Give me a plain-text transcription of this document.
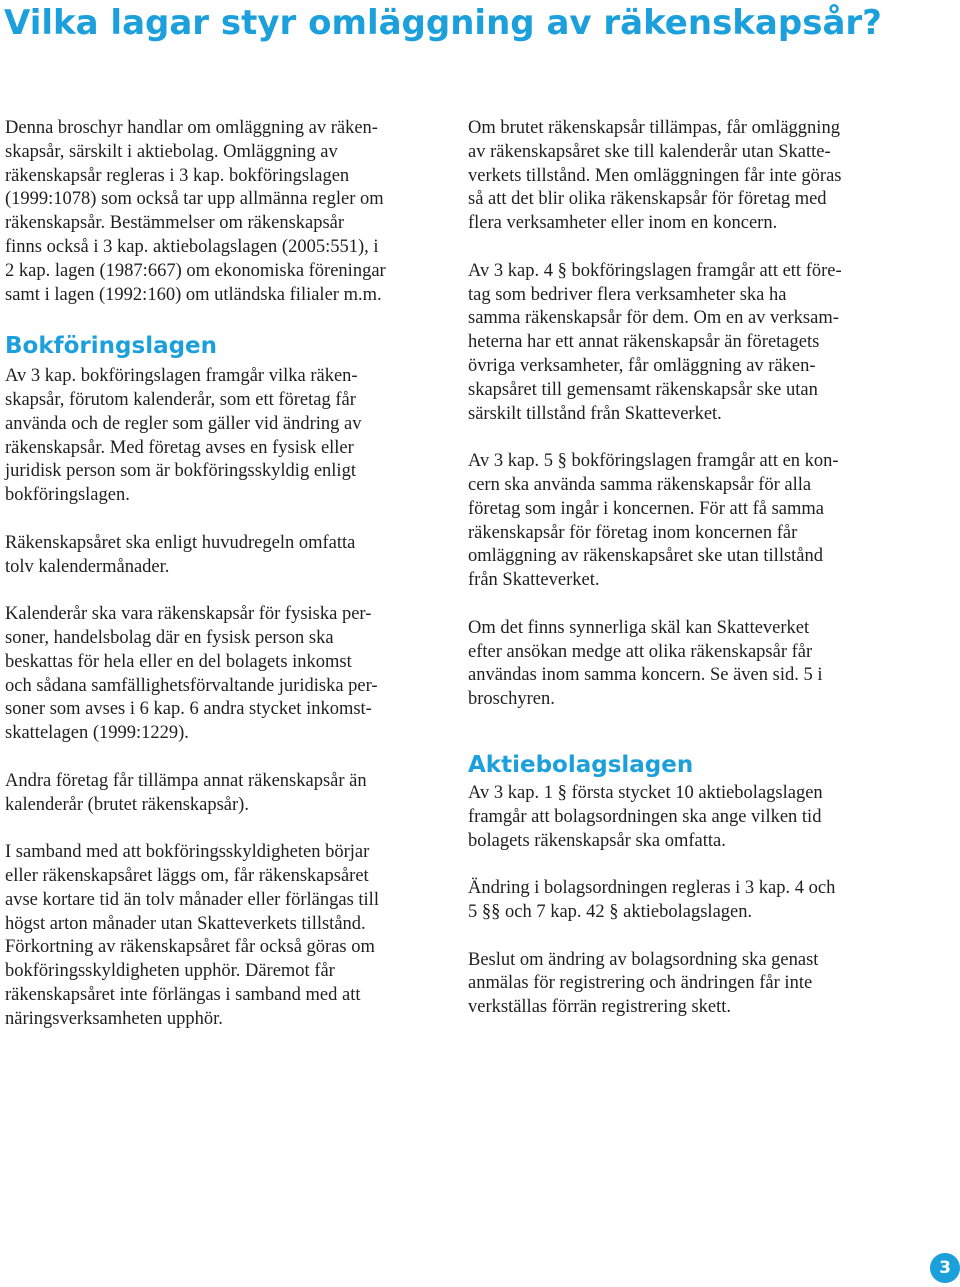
Vilka lagar styr omläggning av räkenskapsår?

Denna broschyr handlar om omläggning av räken-
skapsår, särskilt i aktiebolag. Omläggning av
räkenskapsår regleras i 3 kap. bokföringslagen
(1999:1078) som också tar upp allmänna regler om
räkenskapsår. Bestämmelser om räkenskapsår
finns också i 3 kap. aktiebolagslagen (2005:551), i
2 kap. lagen (1987:667) om ekonomiska föreningar
samt i lagen (1992:160) om utländska filialer m.m.

Bokföringslagen

Av 3 kap. bokföringslagen framgår vilka räken-
skapsår, förutom kalenderår, som ett företag får
använda och de regler som gäller vid ändring av
räkenskapsår. Med företag avses en fysisk eller
juridisk person som är bokföringsskyldig enligt
bokföringslagen.

Räkenskapsåret ska enligt huvudregeln omfatta
tolv kalendermånader.

Kalenderår ska vara räkenskapsår för fysiska per-
soner, handelsbolag där en fysisk person ska
beskattas för hela eller en del bolagets inkomst
och sådana samfällighetsförvaltande juridiska per-
soner som avses i 6 kap. 6 andra stycket inkomst-
skattelagen (1999:1229).

Andra företag får tillämpa annat räkenskapsår än
kalenderår (brutet räkenskapsår).

I samband med att bokföringsskyldigheten börjar
eller räkenskapsåret läggs om, får räkenskapsåret
avse kortare tid än tolv månader eller förlängas till
högst arton månader utan Skatteverkets tillstånd.
Förkortning av räkenskapsåret får också göras om
bokföringsskyldigheten upphör. Däremot får
räkenskapsåret inte förlängas i samband med att
näringsverksamheten upphör.

Om brutet räkenskapsår tillämpas, får omläggning
av räkenskapsåret ske till kalenderår utan Skatte-
verkets tillstånd. Men omläggningen får inte göras
så att det blir olika räkenskapsår för företag med
flera verksamheter eller inom en koncern.

Av 3 kap. 4 § bokföringslagen framgår att ett före-
tag som bedriver flera verksamheter ska ha
samma räkenskapsår för dem. Om en av verksam-
heterna har ett annat räkenskapsår än företagets
övriga verksamheter, får omläggning av räken-
skapsåret till gemensamt räkenskapsår ske utan
särskilt tillstånd från Skatteverket.

Av 3 kap. 5 § bokföringslagen framgår att en kon-
cern ska använda samma räkenskapsår för alla
företag som ingår i koncernen. För att få samma
räkenskapsår för företag inom koncernen får
omläggning av räkenskapsåret ske utan tillstånd
från Skatteverket.

Om det finns synnerliga skäl kan Skatteverket
efter ansökan medge att olika räkenskapsår får
användas inom samma koncern. Se även sid. 5 i
broschyren.

Aktiebolagslagen

Av 3 kap. 1 § första stycket 10 aktiebolagslagen
framgår att bolagsordningen ska ange vilken tid
bolagets räkenskapsår ska omfatta.

Ändring i bolagsordningen regleras i 3 kap. 4 och
5 §§ och 7 kap. 42 § aktiebolagslagen.

Beslut om ändring av bolagsordning ska genast
anmälas för registrering och ändringen får inte
verkställas förrän registrering skett.

3
